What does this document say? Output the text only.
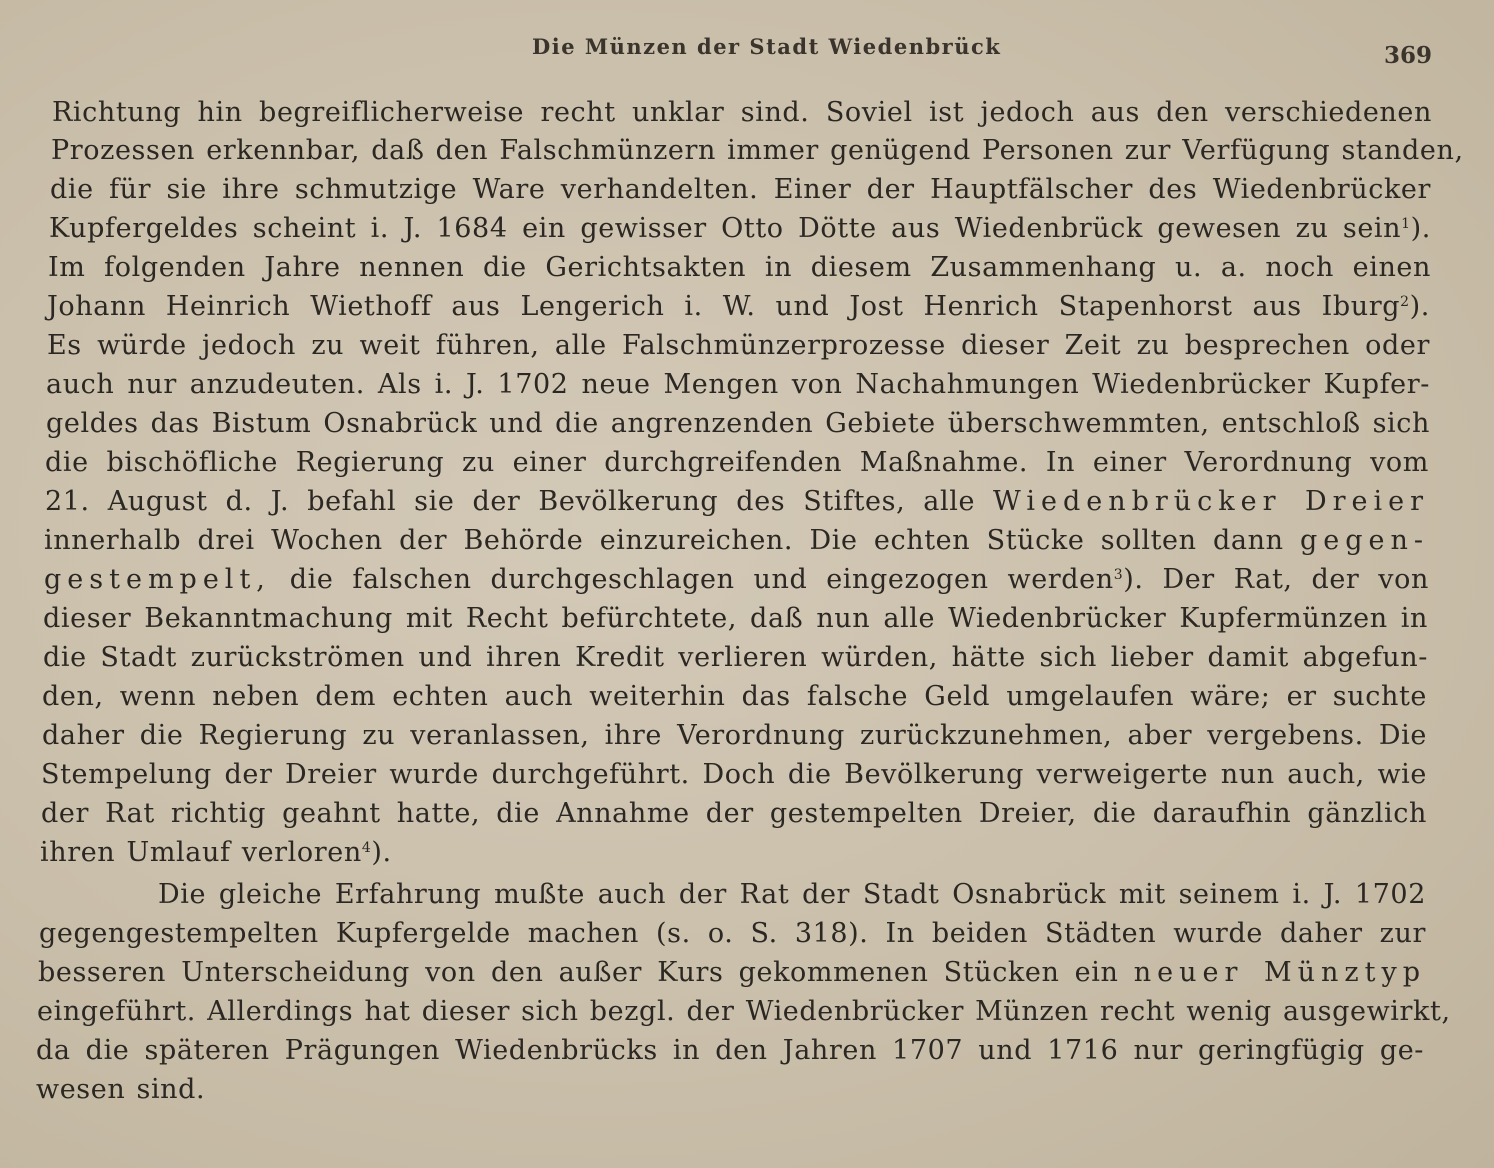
Die Münzen der Stadt Wiedenbrück	369
Richtung hin begreiflicherweise recht unklar sind. Soviel ist jedoch aus den verschiedenen
Prozessen erkennbar, daß den Falschmünzern immer genügend Personen zur Verfügung standen,
die für sie ihre schmutzige Ware verhandelten. Einer der Hauptfälscher des Wiedenbrücker
Kupfergeldes scheint i. J. 1684 ein gewisser Otto Dötte aus Wiedenbrück gewesen zu sein$^1$).
Im folgenden Jahre nennen die Gerichtsakten in diesem Zusammenhang u. a. noch einen
Johann Heinrich Wiethoff aus Lengerich i. W. und Jost Henrich Stapenhorst aus Iburg$^2$).
Es würde jedoch zu weit führen, alle Falschmünzerprozesse dieser Zeit zu besprechen oder
auch nur anzudeuten. Als i. J. 1702 neue Mengen von Nachahmungen Wiedenbrücker Kupfer-
geldes das Bistum Osnabrück und die angrenzenden Gebiete überschwemmten, entschloß sich
die bischöfliche Regierung zu einer durchgreifenden Maßnahme. In einer Verordnung vom
21. August d. J. befahl sie der Bevölkerung des Stiftes, alle Wiedenbrücker Dreier
innerhalb drei Wochen der Behörde einzureichen. Die echten Stücke sollten dann gegen-
gestempelt, die falschen durchgeschlagen und eingezogen werden$^3$). Der Rat, der von
dieser Bekanntmachung mit Recht befürchtete, daß nun alle Wiedenbrücker Kupfermünzen in
die Stadt zurückströmen und ihren Kredit verlieren würden, hätte sich lieber damit abgefun-
den, wenn neben dem echten auch weiterhin das falsche Geld umgelaufen wäre; er suchte
daher die Regierung zu veranlassen, ihre Verordnung zurückzunehmen, aber vergebens. Die
Stempelung der Dreier wurde durchgeführt. Doch die Bevölkerung verweigerte nun auch, wie
der Rat richtig geahnt hatte, die Annahme der gestempelten Dreier, die daraufhin gänzlich
ihren Umlauf verloren$^4$).
Die gleiche Erfahrung mußte auch der Rat der Stadt Osnabrück mit seinem i. J. 1702
gegengestempelten Kupfergelde machen (s. o. S. 318). In beiden Städten wurde daher zur
besseren Unterscheidung von den außer Kurs gekommenen Stücken ein neuer Münztyp
eingeführt. Allerdings hat dieser sich bezgl. der Wiedenbrücker Münzen recht wenig ausgewirkt,
da die späteren Prägungen Wiedenbrücks in den Jahren 1707 und 1716 nur geringfügig ge-
wesen sind.
